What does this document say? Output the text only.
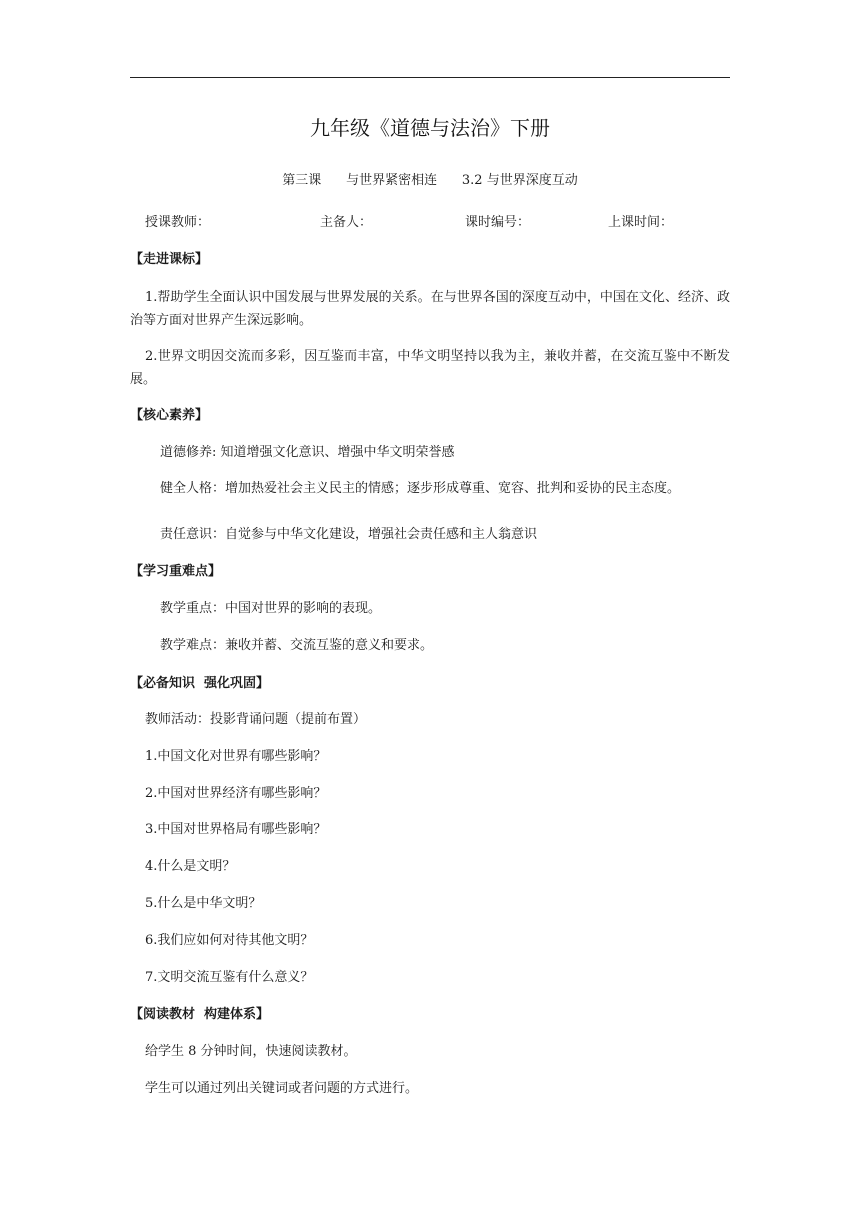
九年级《道德与法治》下册
第三课 与世界紧密相连 3.2 与世界深度互动
授课教师：	主备人：	课时编号：	上课时间：
【走进课标】
1.帮助学生全面认识中国发展与世界发展的关系。在与世界各国的深度互动中，中国在文化、经济、政治等方面对世界产生深远影响。
2.世界文明因交流而多彩，因互鉴而丰富，中华文明坚持以我为主，兼收并蓄，在交流互鉴中不断发展。
【核心素养】
道德修养: 知道增强文化意识、增强中华文明荣誉感
健全人格：增加热爱社会主义民主的情感；逐步形成尊重、宽容、批判和妥协的民主态度。
责任意识：自觉参与中华文化建设，增强社会责任感和主人翁意识
【学习重难点】
教学重点：中国对世界的影响的表现。
教学难点：兼收并蓄、交流互鉴的意义和要求。
【必备知识  强化巩固】
教师活动：投影背诵问题（提前布置）
1.中国文化对世界有哪些影响？
2.中国对世界经济有哪些影响？
3.中国对世界格局有哪些影响？
4.什么是文明？
5.什么是中华文明？
6.我们应如何对待其他文明？
7.文明交流互鉴有什么意义？
【阅读教材  构建体系】
给学生 8 分钟时间，快速阅读教材。
学生可以通过列出关键词或者问题的方式进行。
